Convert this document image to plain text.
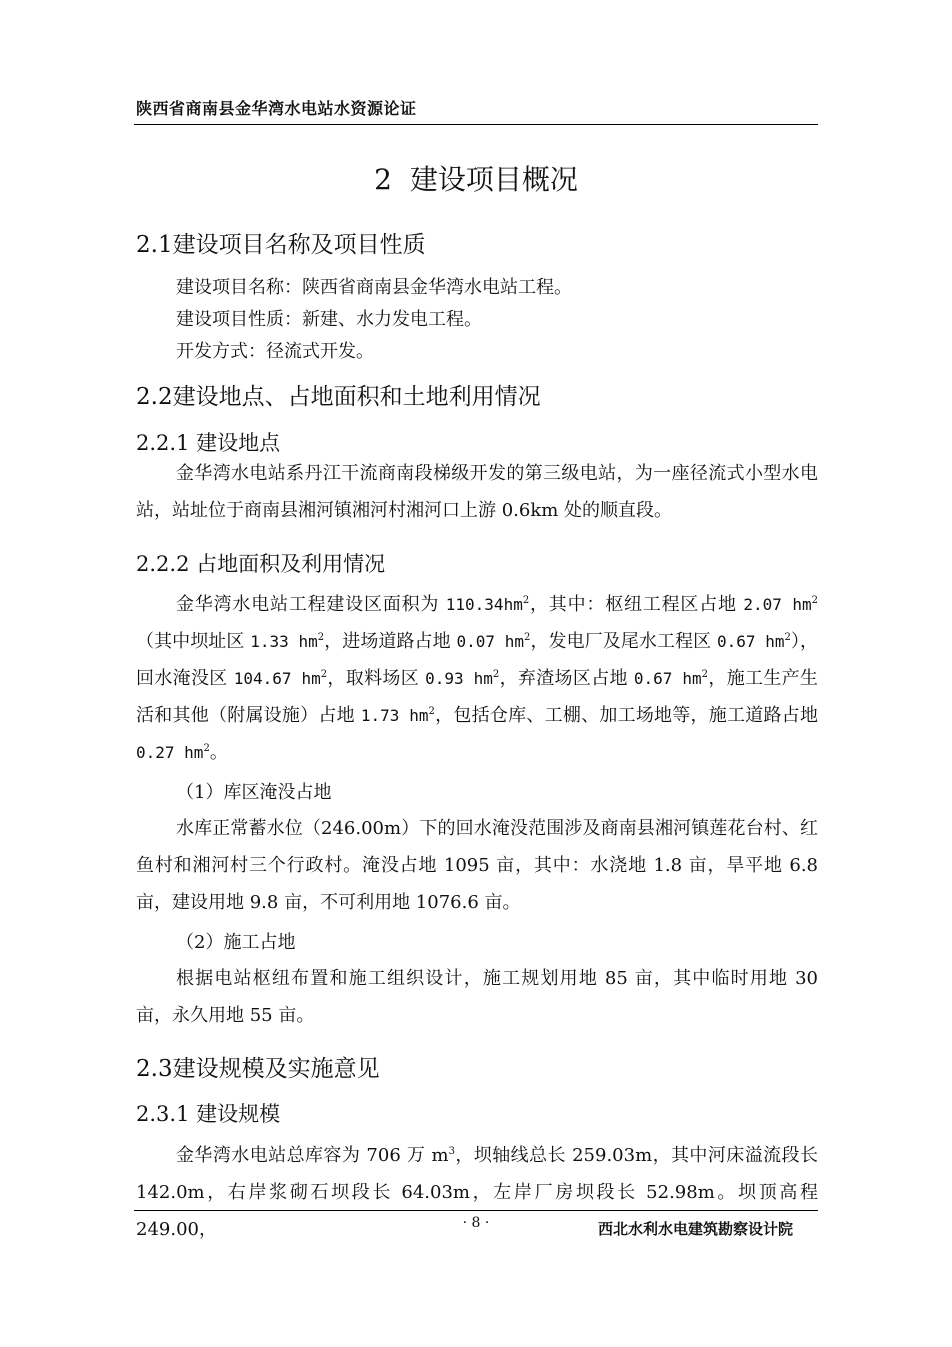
陕西省商南县金华湾水电站水资源论证
2 建设项目概况
2.1建设项目名称及项目性质
建设项目名称：陕西省商南县金华湾水电站工程。
建设项目性质：新建、水力发电工程。
开发方式：径流式开发。
2.2建设地点、占地面积和土地利用情况
2.2.1 建设地点
金华湾水电站系丹江干流商南段梯级开发的第三级电站，为一座径流式小型水电站，站址位于商南县湘河镇湘河村湘河口上游 0.6km 处的顺直段。
2.2.2 占地面积及利用情况
金华湾水电站工程建设区面积为 $110.34hm^2$，其中：枢纽工程区占地 2.07 $hm^2$（其中坝址区 1.33 $hm^2$，进场道路占地 0.07 $hm^2$，发电厂及尾水工程区 0.67 $hm^2$），回水淹没区 104.67 $hm^2$，取料场区 0.93 $hm^2$，弃渣场区占地 0.67 $hm^2$，施工生产生活和其他（附属设施）占地 1.73 $hm^2$，包括仓库、工棚、加工场地等，施工道路占地 0.27 $hm^2$。
（1）库区淹没占地
水库正常蓄水位（246.00m）下的回水淹没范围涉及商南县湘河镇莲花台村、红鱼村和湘河村三个行政村。淹没占地 1095 亩，其中：水浇地 1.8 亩，旱平地 6.8 亩，建设用地 9.8 亩，不可利用地 1076.6 亩。
（2）施工占地
根据电站枢纽布置和施工组织设计，施工规划用地 85 亩，其中临时用地 30 亩，永久用地 55 亩。
2.3建设规模及实施意见
2.3.1 建设规模
金华湾水电站总库容为 706 万 $m^3$，坝轴线总长 259.03m，其中河床溢流段长 142.0m，右岸浆砌石坝段长 64.03m，左岸厂房坝段长 52.98m。坝顶高程 249.00，	· 8 ·	西北水利水电建筑勘察设计院
